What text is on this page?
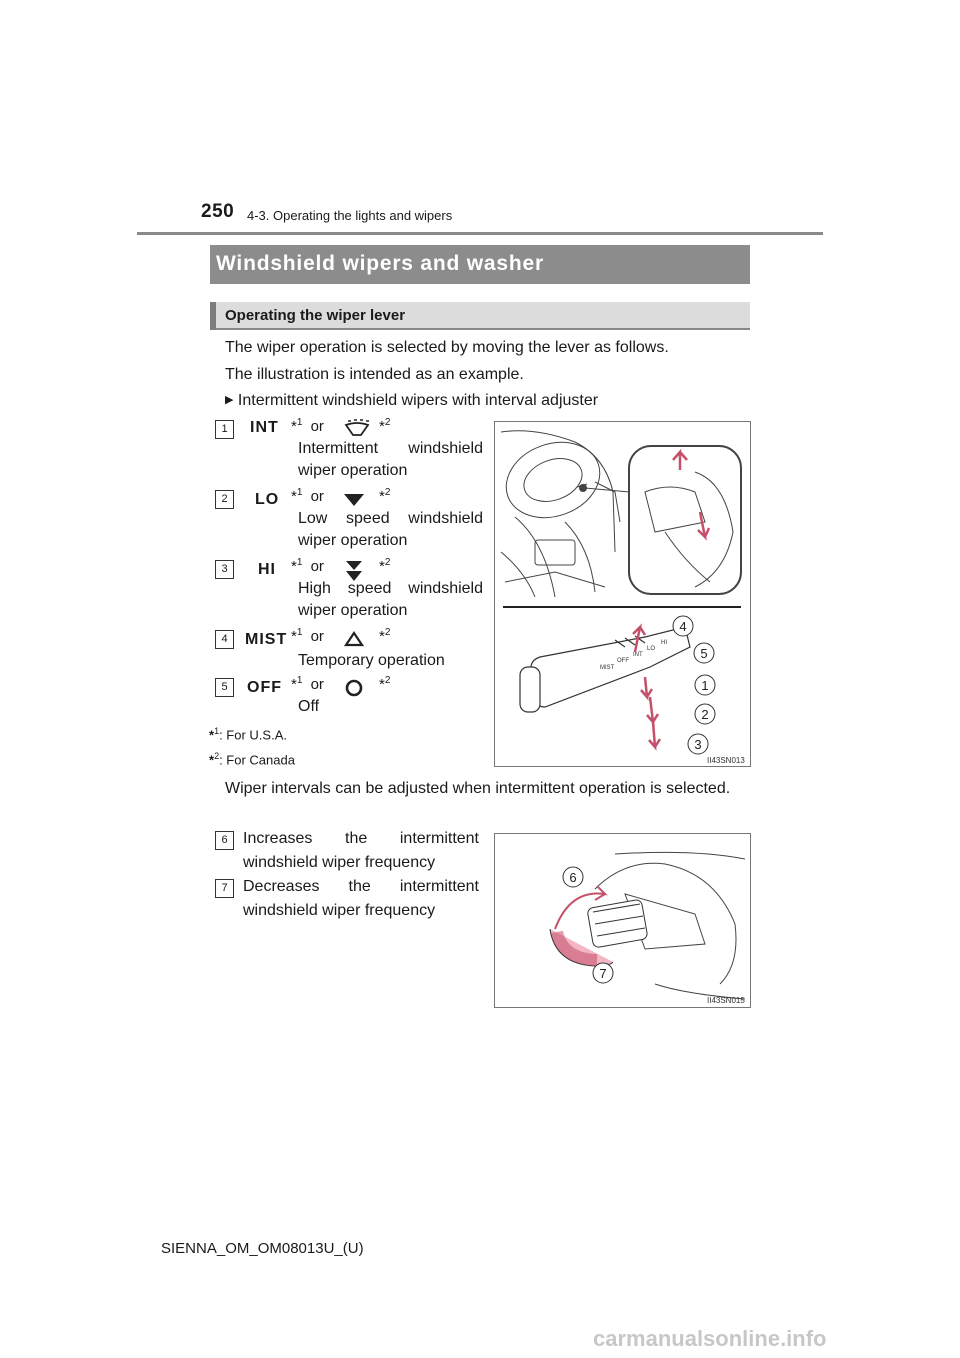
250 4-3. Operating the lights and wipers
Windshield wipers and washer
Operating the wiper lever
The wiper operation is selected by moving the lever as follows.
The illustration is intended as an example.
▶ Intermittent windshield wipers with interval adjuster
1	INT *$^1$ or	*$^2$
Intermittent windshield wiper operation
2	LO *$^1$ or	*$^2$
Low speed windshield wiper operation
3	HI *$^1$ or	*$^2$
High speed windshield wiper operation
4	MIST *$^1$ or	*$^2$
Temporary operation
5	OFF *$^1$ or	*$^2$
Off
*$^1$: For U.S.A.
*$^2$: For Canada
MIST
OFF
INT
LO
HI
4
5
1
2
3
II43SN013
Wiper intervals can be adjusted when intermittent operation is selected.
6 Increases the intermittent windshield wiper frequency
7 Decreases the intermittent windshield wiper frequency
6
7
II43SN015
SIENNA_OM_OM08013U_(U)
carmanualsonline.info
